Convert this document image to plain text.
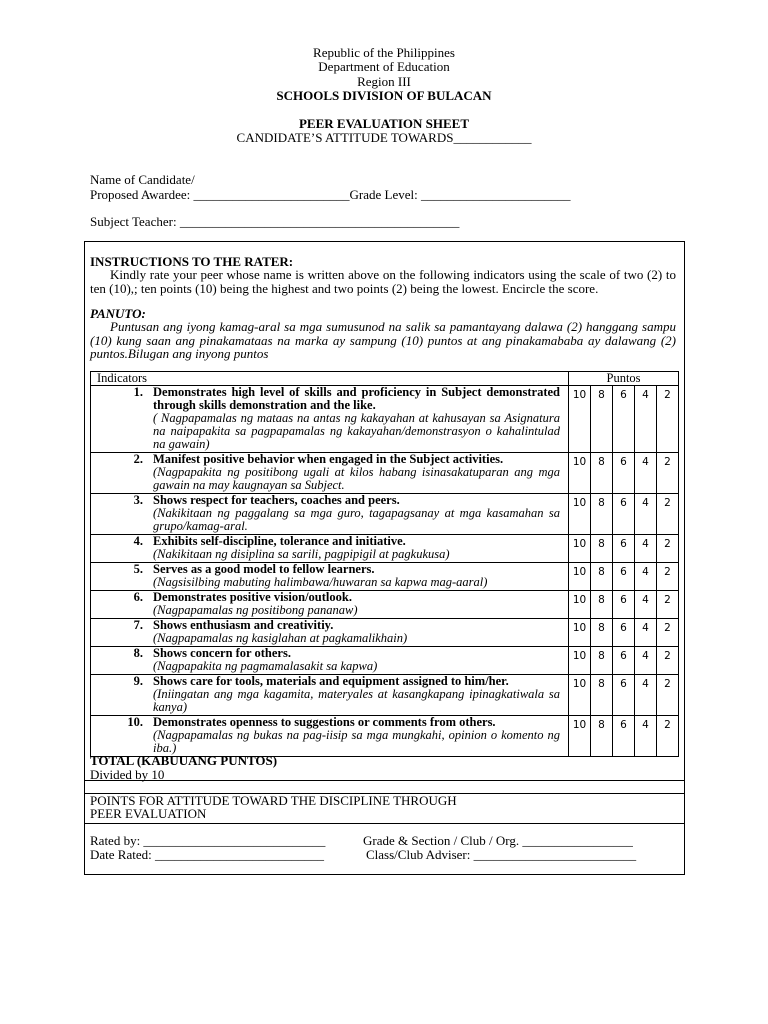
Republic of the Philippines
Department of Education
Region III
SCHOOLS DIVISION OF BULACAN
PEER EVALUATION SHEET
CANDIDATE’S ATTITUDE TOWARDS____________
Name of Candidate/
Proposed Awardee: ________________________Grade Level: _______________________
Subject Teacher: ___________________________________________
INSTRUCTIONS TO THE RATER:
Kindly rate your peer whose name is written above on the following indicators using the scale of two (2) to ten (10),; ten points (10) being the highest and two points (2) being the lowest. Encircle the score.
PANUTO:
Puntusan ang iyong kamag-aral sa mga sumusunod na salik sa pamantayang dalawa (2) hanggang sampu (10) kung saan ang pinakamataas na marka ay sampung (10) puntos at ang pinakamababa ay dalawang (2) puntos.Bilugan ang inyong puntos
Indicators	Puntos				

1. Demonstrates high level of skills and proficiency in Subject demonstrated through skills demonstration and the like.
( Nagpapamalas ng mataas na antas ng kakayahan at kahusayan sa Asignatura na naipapakita sa pagpapamalas ng kakayahan/demonstrasyon o kahalintulad na gawain)	10	8	6	4	2

2. Manifest positive behavior when engaged in the Subject activities.
(Nagpapakita ng positibong ugali at kilos habang isinasakatuparan ang mga gawain na may kaugnayan sa Subject.	10	8	6	4	2

3. Shows respect for teachers, coaches and peers.
(Nakikitaan ng paggalang sa mga guro, tagapagsanay at mga kasamahan sa grupo/kamag-aral.	10	8	6	4	2

4. Exhibits self-discipline, tolerance and initiative.
(Nakikitaan ng disiplina sa sarili, pagpipigil at pagkukusa)	10	8	6	4	2

5. Serves as a good model to fellow learners.
(Nagsisilbing mabuting halimbawa/huwaran sa kapwa mag-aaral)	10	8	6	4	2

6. Demonstrates positive vision/outlook.
(Nagpapamalas ng positibong pananaw)	10	8	6	4	2

7. Shows enthusiasm and creativitiy.
(Nagpapamalas ng kasiglahan at pagkamalikhain)	10	8	6	4	2

8. Shows concern for others.
(Nagpapakita ng pagmamalasakit sa kapwa)	10	8	6	4	2

9. Shows care for tools, materials and equipment assigned to him/her.
(Iniingatan ang mga kagamita, materyales at kasangkapang ipinagkatiwala sa kanya)	10	8	6	4	2

10. Demonstrates openness to suggestions or comments from others.
(Nagpapamalas ng bukas na pag-iisip sa mga mungkahi, opinion o komento ng iba.)	10	8	6	4	2
TOTAL (KABUUANG PUNTOS)
Divided by 10
POINTS FOR ATTITUDE TOWARD THE DISCIPLINE THROUGH
PEER EVALUATION
Rated by: ____________________________	Grade & Section / Club / Org. _________________
Date Rated: __________________________	Class/Club Adviser: _________________________
